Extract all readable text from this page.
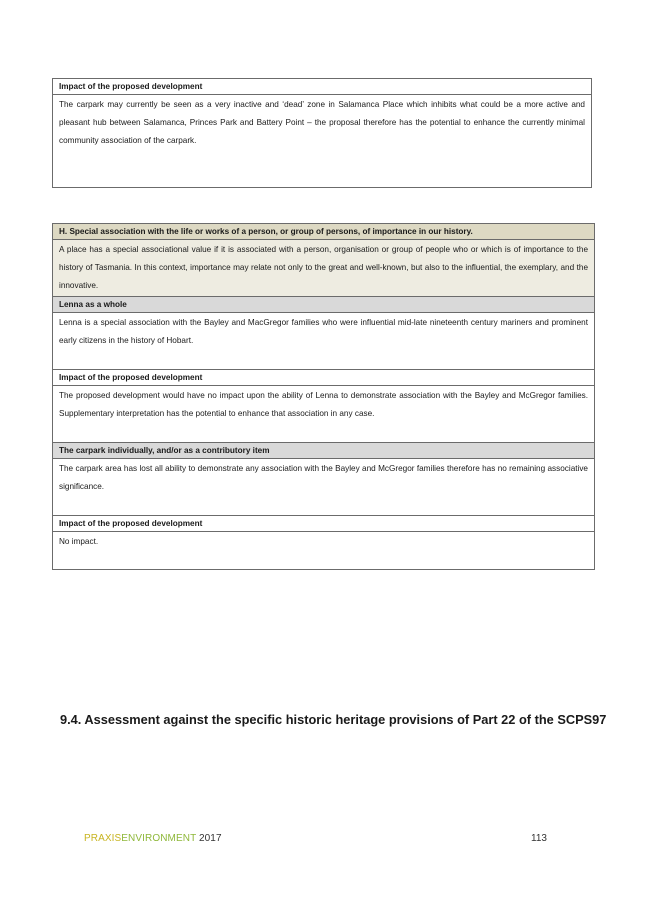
Impact of the proposed development
The carpark may currently be seen as a very inactive and ‘dead’ zone in Salamanca Place which inhibits what could be a more active and pleasant hub between Salamanca, Princes Park and Battery Point – the proposal therefore has the potential to enhance the currently minimal community association of the carpark.
H. Special association with the life or works of a person, or group of persons, of importance in our history.
A place has a special associational value if it is associated with a person, organisation or group of people who or which is of importance to the history of Tasmania. In this context, importance may relate not only to the great and well-known, but also to the influential, the exemplary, and the innovative.
Lenna as a whole
Lenna is a special association with the Bayley and MacGregor families who were influential mid-late nineteenth century mariners and prominent early citizens in the history of Hobart.
Impact of the proposed development
The proposed development would have no impact upon the ability of Lenna to demonstrate association with the Bayley and McGregor families. Supplementary interpretation has the potential to enhance that association in any case.
The carpark individually, and/or as a contributory item
The carpark area has lost all ability to demonstrate any association with the Bayley and McGregor families therefore has no remaining associative significance.
Impact of the proposed development
No impact.
9.4. Assessment against the specific historic heritage provisions of Part 22 of the SCPS97
PRAXISENVIRONMENT 2017	113
